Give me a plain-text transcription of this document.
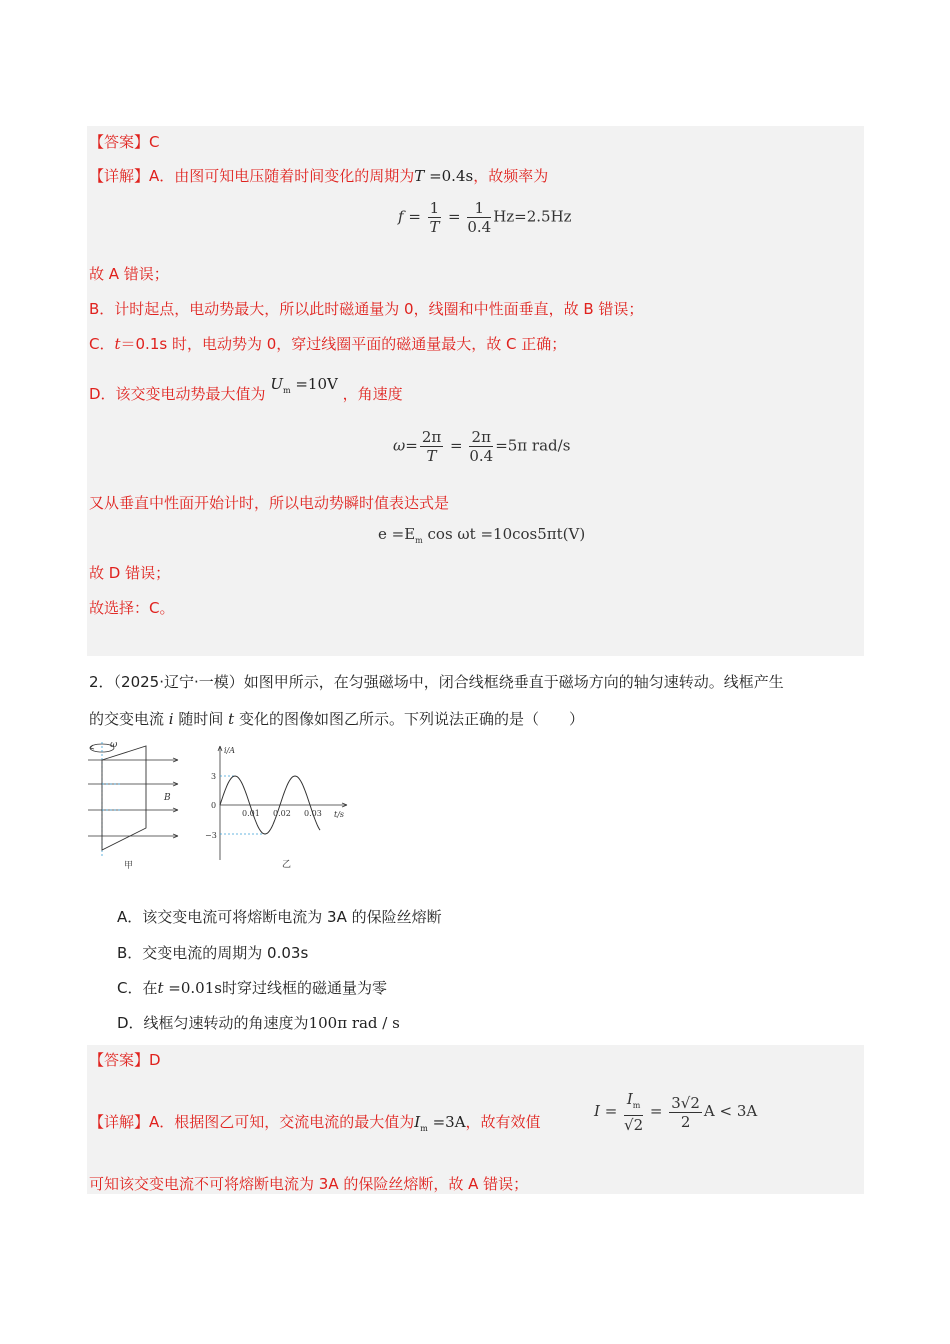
【答案】C
【详解】A．由图可知电压随着时间变化的周期为T =0.4s，故频率为
$f = \frac{1}{T} = \frac{1}{0.4} Hz=2.5Hz$
故 A 错误；
B．计时起点，电动势最大，所以此时磁通量为 0，线圈和中性面垂直，故 B 错误；
C．t＝0.1s 时，电动势为 0，穿过线圈平面的磁通量最大，故 C 正确；
D．该交变电动势最大值为 $U_m =10V$ ，角速度
$\omega= \frac{2\pi}{T} = \frac{2\pi}{0.4} =5\pi$ rad/s
又从垂直中性面开始计时，所以电动势瞬时值表达式是
$e =E_m$ cos ωt =10cos5πt(V)
故 D 错误；
故选择：C。
2．（2025·辽宁·一模）如图甲所示，在匀强磁场中，闭合线框绕垂直于磁场方向的轴匀速转动。线框产生
的交变电流 i 随时间 t 变化的图像如图乙所示。下列说法正确的是（　　）
ω
B
甲
i/A
t/s
3
0
−3
0.01 0.02 0.03
乙
A．该交变电流可将熔断电流为 3A 的保险丝熔断
B．交变电流的周期为 0.03s
C．在t =0.01s时穿过线框的磁通量为零
D．线框匀速转动的角速度为100π rad / s
【答案】D
【详解】A．根据图乙可知，交流电流的最大值为$I_m =3A$，故有效值
$I = \frac{I_m}{√2} = \frac{3√2}{2}$ A < 3A
可知该交变电流不可将熔断电流为 3A 的保险丝熔断，故 A 错误；
